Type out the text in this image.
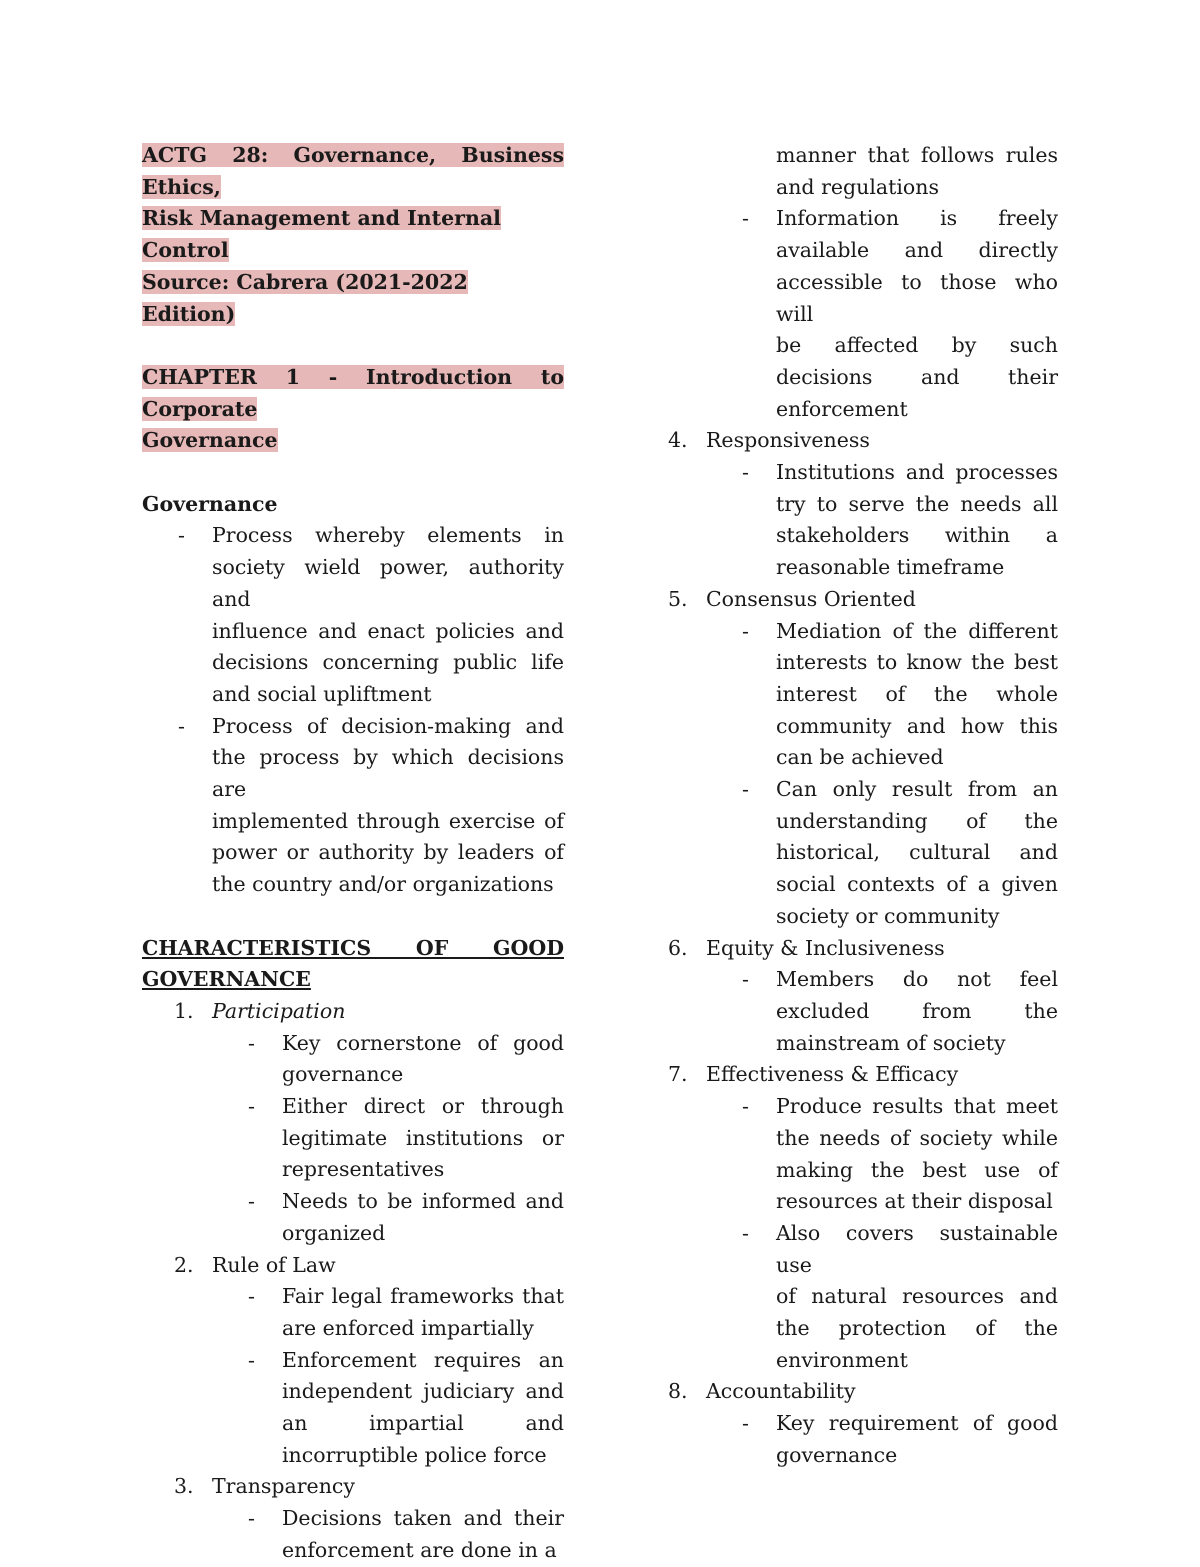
ACTG 28: Governance, Business Ethics,
Risk Management and Internal Control
Source: Cabrera (2021-2022 Edition)
CHAPTER 1 - Introduction to Corporate
Governance
Governance
- Process whereby elements in
society wield power, authority and
influence and enact policies and
decisions concerning public life
and social upliftment
- Process of decision-making and
the process by which decisions are
implemented through exercise of
power or authority by leaders of
the country and/or organizations
CHARACTERISTICS OF GOOD
GOVERNANCE
1. Participation
- Key cornerstone of good
governance
- Either direct or through
legitimate institutions or
representatives
- Needs to be informed and
organized
2. Rule of Law
- Fair legal frameworks that
are enforced impartially
- Enforcement requires an
independent judiciary and
an impartial and
incorruptible police force
3. Transparency
- Decisions taken and their
enforcement are done in a
manner that follows rules
and regulations
- Information is freely
available and directly
accessible to those who will
be affected by such
decisions and their
enforcement
4. Responsiveness
- Institutions and processes
try to serve the needs all
stakeholders within a
reasonable timeframe
5. Consensus Oriented
- Mediation of the different
interests to know the best
interest of the whole
community and how this
can be achieved
- Can only result from an
understanding of the
historical, cultural and
social contexts of a given
society or community
6. Equity & Inclusiveness
- Members do not feel
excluded from the
mainstream of society
7. Effectiveness & Efficacy
- Produce results that meet
the needs of society while
making the best use of
resources at their disposal
- Also covers sustainable use
of natural resources and
the protection of the
environment
8. Accountability
- Key requirement of good
governance
